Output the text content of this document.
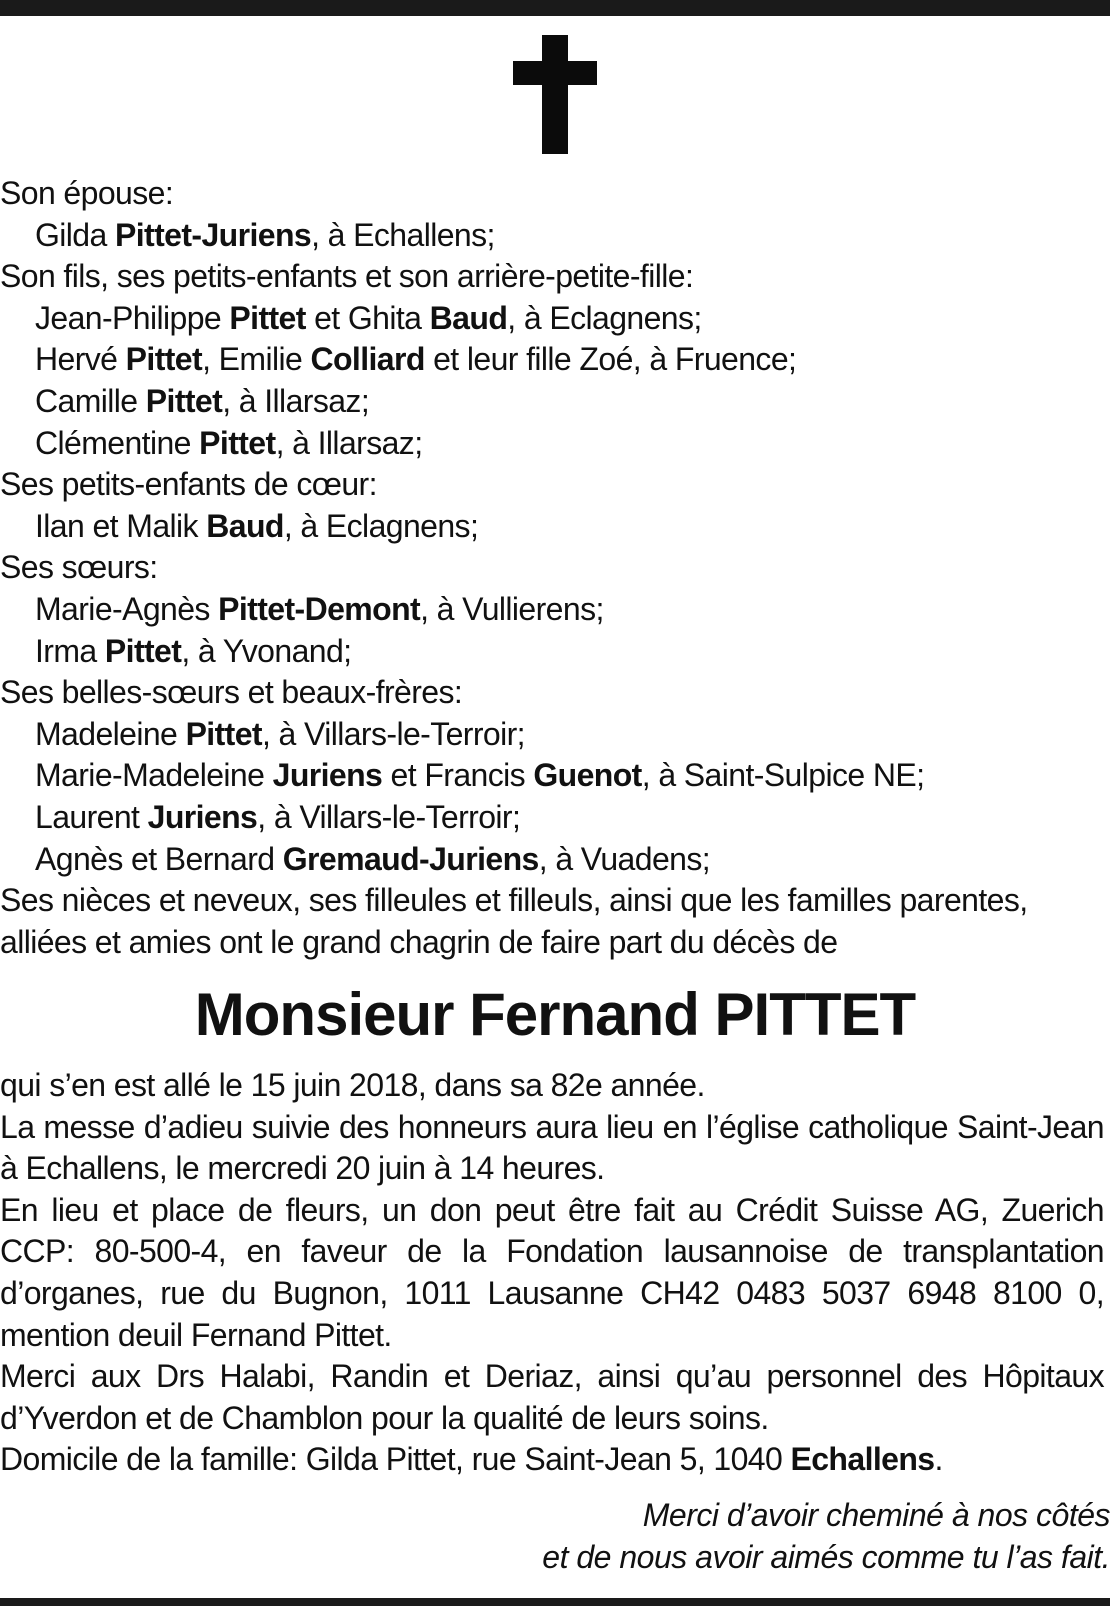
Son épouse:
Gilda Pittet-Juriens, à Echallens;
Son fils, ses petits-enfants et son arrière-petite-fille:
Jean-Philippe Pittet et Ghita Baud, à Eclagnens;
Hervé Pittet, Emilie Colliard et leur fille Zoé, à Fruence;
Camille Pittet, à Illarsaz;
Clémentine Pittet, à Illarsaz;
Ses petits-enfants de cœur:
Ilan et Malik Baud, à Eclagnens;
Ses sœurs:
Marie-Agnès Pittet-Demont, à Vullierens;
Irma Pittet, à Yvonand;
Ses belles-sœurs et beaux-frères:
Madeleine Pittet, à Villars-le-Terroir;
Marie-Madeleine Juriens et Francis Guenot, à Saint-Sulpice NE;
Laurent Juriens, à Villars-le-Terroir;
Agnès et Bernard Gremaud-Juriens, à Vuadens;
Ses nièces et neveux, ses filleules et filleuls, ainsi que les familles parentes,
alliées et amies ont le grand chagrin de faire part du décès de
Monsieur Fernand PITTET

qui s’en est allé le 15 juin 2018, dans sa 82e année.

La messe d’adieu suivie des honneurs aura lieu en l’église catholique Saint-Jean à Echallens, le mercredi 20 juin à 14 heures.

En lieu et place de fleurs, un don peut être fait au Crédit Suisse AG, Zuerich CCP: 80-500-4, en faveur de la Fondation lausannoise de transplantation d’organes, rue du Bugnon, 1011 Lausanne CH42 0483 5037 6948 8100 0, mention deuil Fernand Pittet.

Merci aux Drs Halabi, Randin et Deriaz, ainsi qu’au personnel des Hôpitaux d’Yverdon et de Chamblon pour la qualité de leurs soins.

Domicile de la famille: Gilda Pittet, rue Saint-Jean 5, 1040 Echallens.

Merci d’avoir cheminé à nos côtés
et de nous avoir aimés comme tu l’as fait.
